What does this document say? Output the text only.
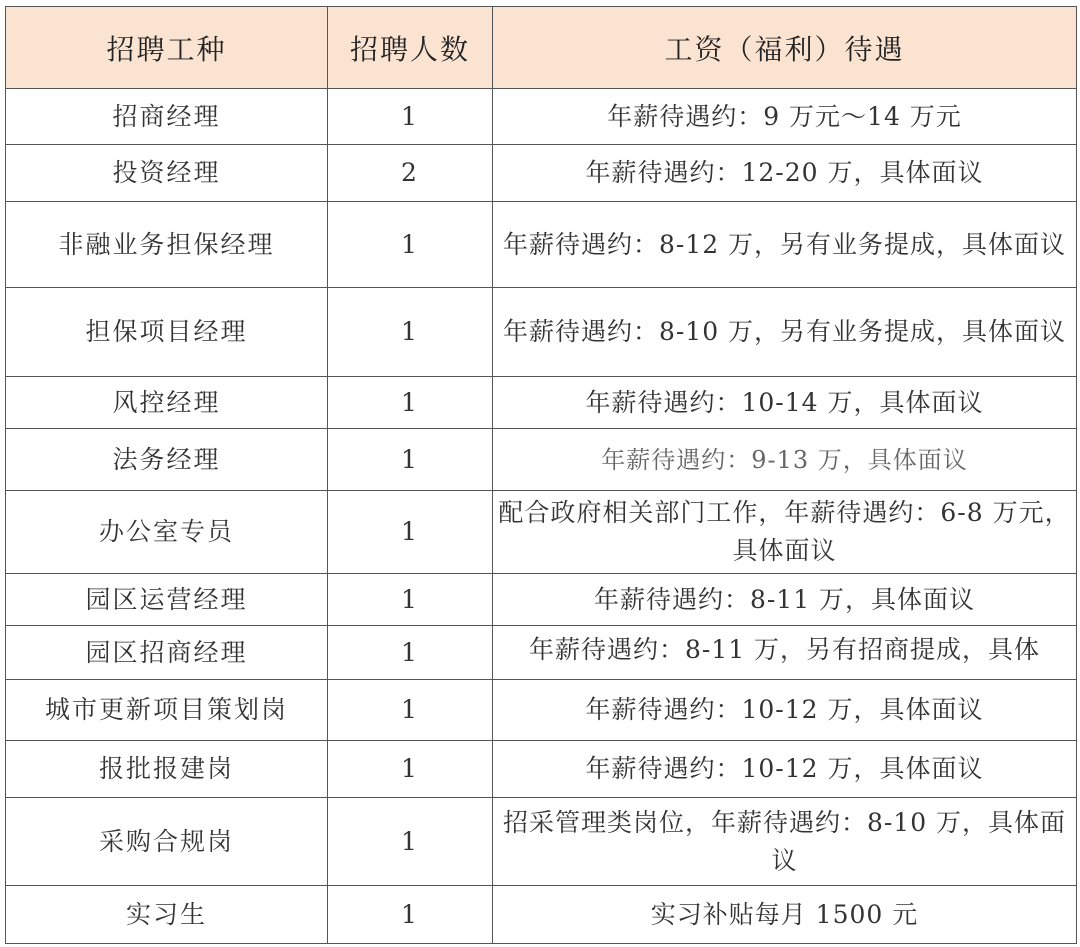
招聘工种	招聘人数	工资（福利）待遇
招商经理	1	年薪待遇约：9 万元～14 万元
投资经理	2	年薪待遇约：12-20 万，具体面议
非融业务担保经理	1	年薪待遇约：8-12 万，另有业务提成，具体面议
担保项目经理	1	年薪待遇约：8-10 万，另有业务提成，具体面议
风控经理	1	年薪待遇约：10-14 万，具体面议
法务经理	1	年薪待遇约：9-13 万，具体面议
办公室专员	1	配合政府相关部门工作，年薪待遇约：6-8 万元，具体面议
园区运营经理	1	年薪待遇约：8-11 万，具体面议
园区招商经理	1	年薪待遇约：8-11 万，另有招商提成，具体

城市更新项目策划岗	1	年薪待遇约：10-12 万，具体面议
报批报建岗	1	年薪待遇约：10-12 万，具体面议
采购合规岗	1	招采管理类岗位，年薪待遇约：8-10 万，具体面议
实习生	1	实习补贴每月 1500 元
